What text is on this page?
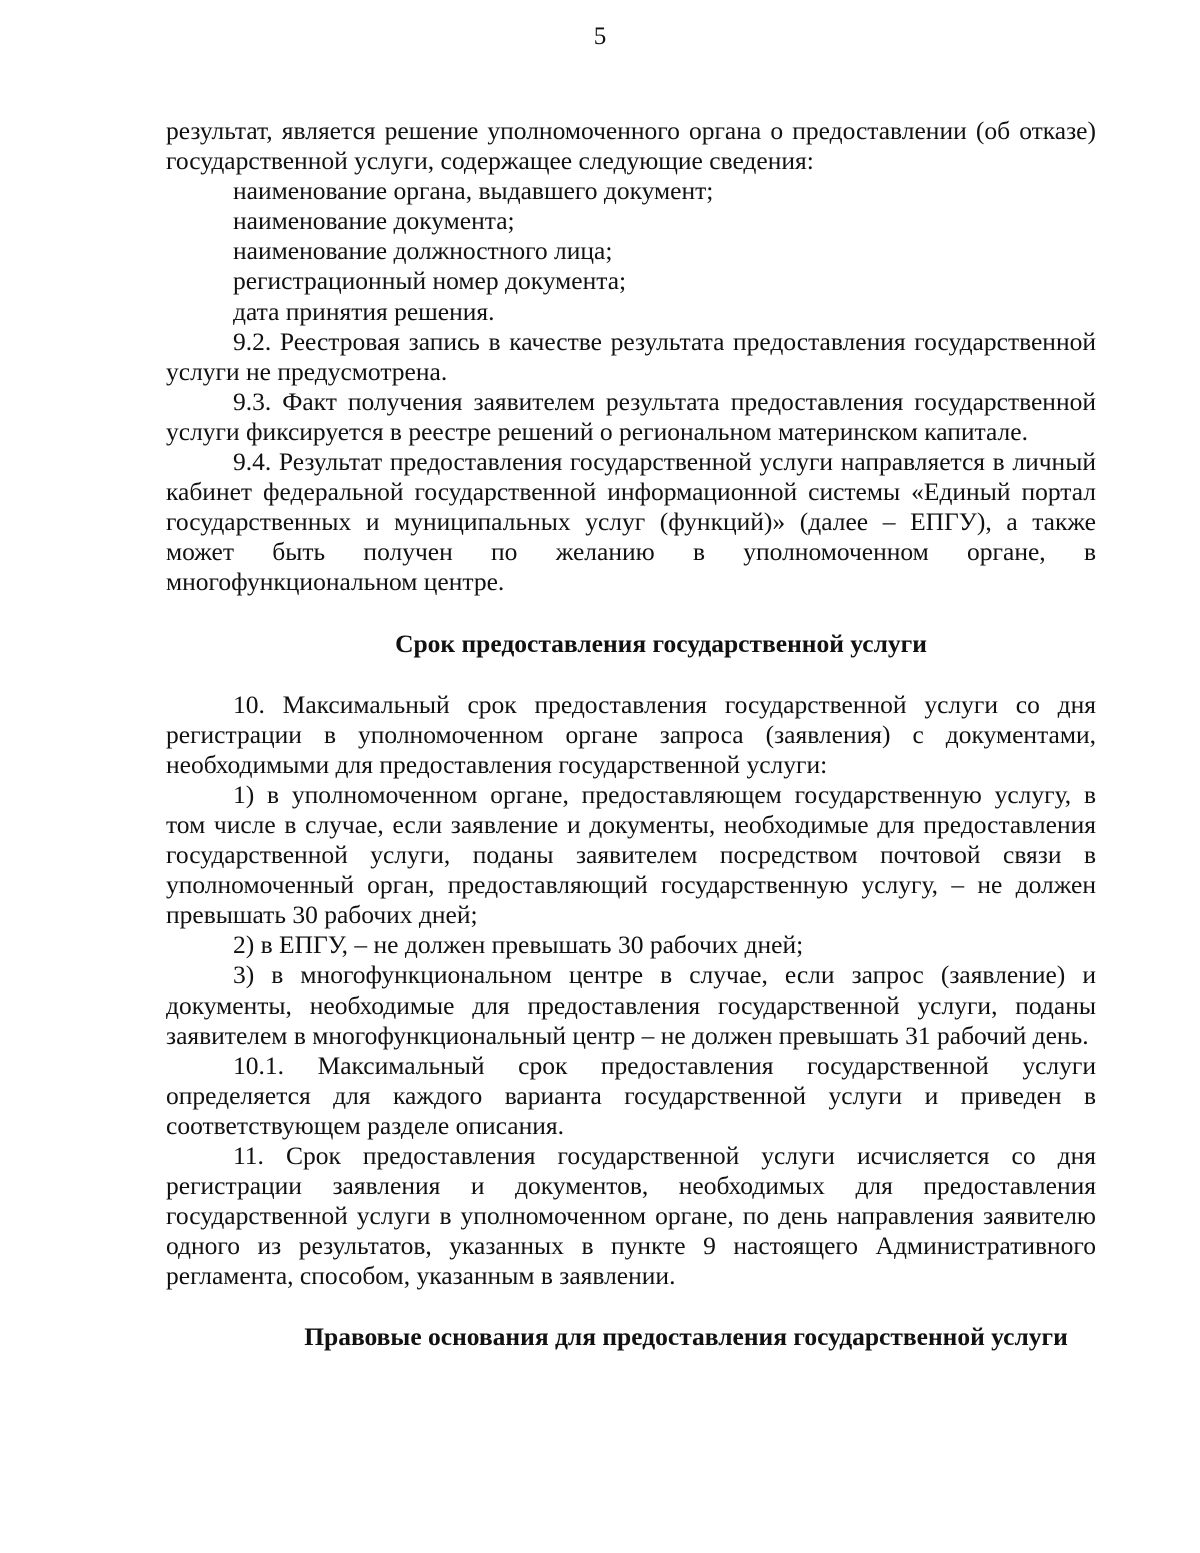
5

результат, является решение уполномоченного органа о предоставлении (об отказе) государственной услуги, содержащее следующие сведения:

наименование органа, выдавшего документ;

наименование документа;

наименование должностного лица;

регистрационный номер документа;

дата принятия решения.

9.2. Реестровая запись в качестве результата предоставления государственной услуги не предусмотрена.

9.3. Факт получения заявителем результата предоставления государственной услуги фиксируется в реестре решений о региональном материнском капитале.

9.4. Результат предоставления государственной услуги направляется в личный кабинет федеральной государственной информационной системы «Единый портал государственных и муниципальных услуг (функций)» (далее – ЕПГУ), а также может быть получен по желанию в уполномоченном органе, в многофункциональном центре.

Срок предоставления государственной услуги

10. Максимальный срок предоставления государственной услуги со дня регистрации в уполномоченном органе запроса (заявления) с документами, необходимыми для предоставления государственной услуги:

1) в уполномоченном органе, предоставляющем государственную услугу, в том числе в случае, если заявление и документы, необходимые для предоставления государственной услуги, поданы заявителем посредством почтовой связи в уполномоченный орган, предоставляющий государственную услугу, – не должен превышать 30 рабочих дней;

2) в ЕПГУ, – не должен превышать 30 рабочих дней;

3) в многофункциональном центре в случае, если запрос (заявление) и документы, необходимые для предоставления государственной услуги, поданы заявителем в многофункциональный центр – не должен превышать 31 рабочий день.

10.1. Максимальный срок предоставления государственной услуги определяется для каждого варианта государственной услуги и приведен в соответствующем разделе описания.

11. Срок предоставления государственной услуги исчисляется со дня регистрации заявления и документов, необходимых для предоставления государственной услуги в уполномоченном органе, по день направления заявителю одного из результатов, указанных в пункте 9 настоящего Административного регламента, способом, указанным в заявлении.

Правовые основания для предоставления государственной услуги
